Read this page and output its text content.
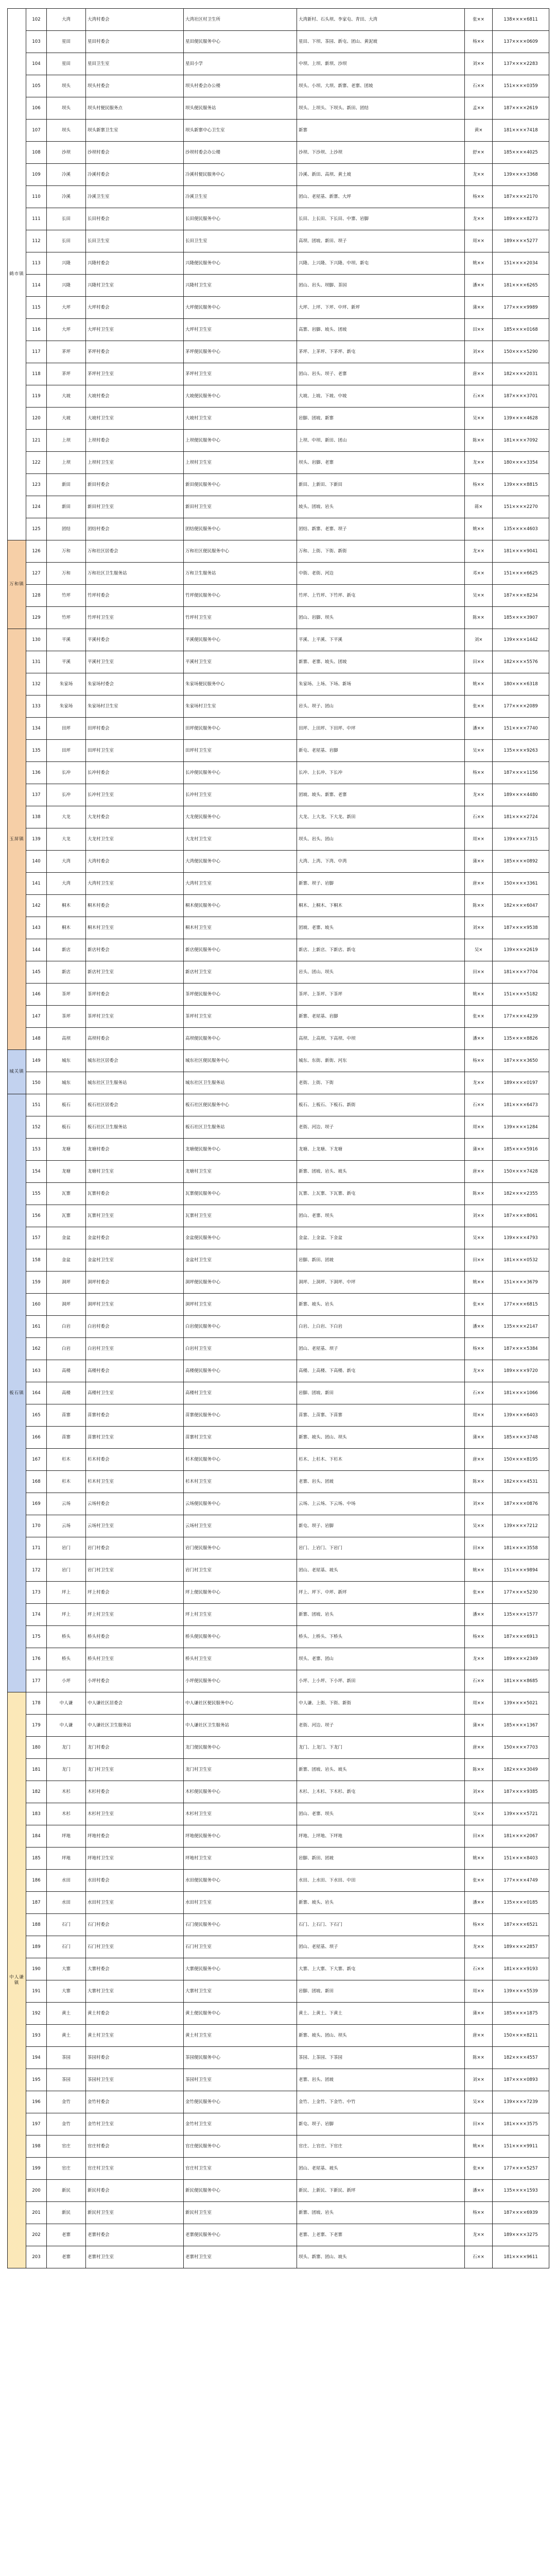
鹤市镇	102	大湾	大湾村委会	大湾社区村卫生所	大湾新村、石头坝、李家屯、青田、大湾	张××	138××××6811
	103	星田	星田村委会	星田便民服务中心	星田、下坝、茶园、新屯、团山、黄泥坡	杨××	137××××0609
	104	星田	星田卫生室	星田小学	中坝、上坝、新坝、沙坝	刘××	137××××2283
	105	坝头	坝头村委会	坝头村委会办公楼	坝头、小坝、大坝、新寨、老寨、团坡	石××	151××××0359
	106	坝头	坝头村便民服务点	坝头便民服务站	坝头、上坝头、下坝头、新田、团结	孟××	187××××2619
	107	坝头	坝头新寨卫生室	坝头新寨中心卫生室	新寨	黄×	181××××7418
	108	沙坝	沙坝村委会	沙坝村委会办公楼	沙坝、下沙坝、上沙坝	舒××	185××××4025
	109	冷溪	冷溪村委会	冷溪村便民服务中心	冷溪、新田、高坝、黄土坡	龙××	139××××3368
	110	冷溪	冷溪卫生室	冷溪卫生室	团山、老屋基、新寨、大坪	杨××	187××××2170
	111	长田	长田村委会	长田便民服务中心	长田、上长田、下长田、中寨、岩脚	龙××	189××××8273
	112	长田	长田卫生室	长田卫生室	高坝、团坡、新田、坝子	周××	189××××5277
	113	兴隆	兴隆村委会	兴隆便民服务中心	兴隆、上兴隆、下兴隆、中坝、新屯	姚××	151××××2034
	114	兴隆	兴隆村卫生室	兴隆村卫生室	团山、岩头、坝脚、茶园	潘××	181××××6265
	115	大坪	大坪村委会	大坪便民服务中心	大坪、上坪、下坪、中坪、新坪	蒲××	177××××9989
	116	大坪	大坪村卫生室	大坪村卫生室	高寨、岩脚、坡头、团坡	田××	185××××0168
	117	茅坪	茅坪村委会	茅坪便民服务中心	茅坪、上茅坪、下茅坪、新屯	刘××	150××××5290
	118	茅坪	茅坪村卫生室	茅坪村卫生室	团山、岩头、坝子、老寨	唐××	182××××2031
	119	大坡	大坡村委会	大坡便民服务中心	大坡、上坡、下坡、中坡	石××	187××××3701
	120	大坡	大坡村卫生室	大坡村卫生室	岩脚、团坡、新寨	吴××	139××××4628
	121	上坝	上坝村委会	上坝便民服务中心	上坝、中坝、新田、团山	陈××	181××××7092
	122	上坝	上坝村卫生室	上坝村卫生室	坝头、岩脚、老寨	龙××	180××××3354
	123	新田	新田村委会	新田便民服务中心	新田、上新田、下新田	杨××	139××××8815
	124	新田	新田村卫生室	新田村卫生室	坡头、团坡、岩头	蒋×	151××××2270
	125	团结	团结村委会	团结便民服务中心	团结、新寨、老寨、坝子	姚××	135××××4603
万和镇	126	万和	万和社区居委会	万和社区便民服务中心	万和、上街、下街、新街	龙××	181××××9041
	127	万和	万和社区卫生服务站	万和卫生服务站	中街、老街、河边	邓××	151××××6625
	128	竹坪	竹坪村委会	竹坪便民服务中心	竹坪、上竹坪、下竹坪、新屯	吴××	187××××8234
	129	竹坪	竹坪村卫生室	竹坪村卫生室	团山、岩脚、坝头	陈××	185××××3907
玉屏镇	130	平溪	平溪村委会	平溪便民服务中心	平溪、上平溪、下平溪	刘×	139××××1442
	131	平溪	平溪村卫生室	平溪村卫生室	新寨、老寨、坡头、团坡	田××	182××××5576
	132	朱家场	朱家场村委会	朱家场便民服务中心	朱家场、上场、下场、新场	姚××	180××××6318
	133	朱家场	朱家场村卫生室	朱家场村卫生室	岩头、坝子、团山	张××	177××××2089
	134	田坪	田坪村委会	田坪便民服务中心	田坪、上田坪、下田坪、中坪	潘××	151××××7740
	135	田坪	田坪村卫生室	田坪村卫生室	新屯、老屋基、岩脚	吴××	135××××9263
	136	长冲	长冲村委会	长冲便民服务中心	长冲、上长冲、下长冲	杨××	187××××1156
	137	长冲	长冲村卫生室	长冲村卫生室	团坡、坡头、新寨、老寨	龙××	189××××4480
	138	大龙	大龙村委会	大龙便民服务中心	大龙、上大龙、下大龙、新田	石××	181××××2724
	139	大龙	大龙村卫生室	大龙村卫生室	坝头、岩头、团山	周××	139××××7315
	140	大湾	大湾村委会	大湾便民服务中心	大湾、上湾、下湾、中湾	蒲××	185××××0892
	141	大湾	大湾村卫生室	大湾村卫生室	新寨、坝子、岩脚	唐××	150××××3361
	142	桐木	桐木村委会	桐木便民服务中心	桐木、上桐木、下桐木	陈××	182××××6047
	143	桐木	桐木村卫生室	桐木村卫生室	团坡、老寨、坡头	刘××	187××××9538
	144	新店	新店村委会	新店便民服务中心	新店、上新店、下新店、新屯	吴×	139××××2619
	145	新店	新店村卫生室	新店村卫生室	岩头、团山、坝头	田××	181××××7704
	146	茶坪	茶坪村委会	茶坪便民服务中心	茶坪、上茶坪、下茶坪	姚××	151××××5182
	147	茶坪	茶坪村卫生室	茶坪村卫生室	新寨、老屋基、岩脚	张××	177××××4239
	148	高坝	高坝村委会	高坝便民服务中心	高坝、上高坝、下高坝、中坝	潘××	135××××8826
城关镇	149	城东	城东社区居委会	城东社区便民服务中心	城东、东街、新街、河东	杨××	187××××3650
	150	城东	城东社区卫生服务站	城东社区卫生服务站	老街、上街、下街	龙××	189××××0197
板石镇	151	板石	板石社区居委会	板石社区便民服务中心	板石、上板石、下板石、新街	石××	181××××6473
	152	板石	板石社区卫生服务站	板石社区卫生服务站	老街、河边、坝子	周××	139××××1284
	153	龙塘	龙塘村委会	龙塘便民服务中心	龙塘、上龙塘、下龙塘	蒲××	185××××5916
	154	龙塘	龙塘村卫生室	龙塘村卫生室	新寨、团坡、岩头、坡头	唐××	150××××7428
	155	瓦寨	瓦寨村委会	瓦寨便民服务中心	瓦寨、上瓦寨、下瓦寨、新屯	陈××	182××××2355
	156	瓦寨	瓦寨村卫生室	瓦寨村卫生室	团山、老寨、坝头	刘××	187××××8061
	157	金盆	金盆村委会	金盆便民服务中心	金盆、上金盆、下金盆	吴××	139××××4793
	158	金盆	金盆村卫生室	金盆村卫生室	岩脚、新田、团坡	田××	181××××0532
	159	洞坪	洞坪村委会	洞坪便民服务中心	洞坪、上洞坪、下洞坪、中坪	姚××	151××××3679
	160	洞坪	洞坪村卫生室	洞坪村卫生室	新寨、坡头、岩头	张××	177××××6815
	161	白岩	白岩村委会	白岩便民服务中心	白岩、上白岩、下白岩	潘××	135××××2147
	162	白岩	白岩村卫生室	白岩村卫生室	团山、老屋基、坝子	杨××	187××××5384
	163	高楼	高楼村委会	高楼便民服务中心	高楼、上高楼、下高楼、新屯	龙××	189××××9720
	164	高楼	高楼村卫生室	高楼村卫生室	岩脚、团坡、新田	石××	181××××1066
	165	苗寨	苗寨村委会	苗寨便民服务中心	苗寨、上苗寨、下苗寨	周××	139××××6403
	166	苗寨	苗寨村卫生室	苗寨村卫生室	新寨、坡头、团山、坝头	蒲××	185××××3748
	167	杉木	杉木村委会	杉木便民服务中心	杉木、上杉木、下杉木	唐××	150××××8195
	168	杉木	杉木村卫生室	杉木村卫生室	老寨、岩头、团坡	陈××	182××××4531
	169	云场	云场村委会	云场便民服务中心	云场、上云场、下云场、中场	刘××	187××××0876
	170	云场	云场村卫生室	云场村卫生室	新屯、坝子、岩脚	吴××	139××××7212
	171	岩门	岩门村委会	岩门便民服务中心	岩门、上岩门、下岩门	田××	181××××3558
	172	岩门	岩门村卫生室	岩门村卫生室	团山、老屋基、坡头	姚××	151××××9894
	173	坪上	坪上村委会	坪上便民服务中心	坪上、坪下、中坪、新坪	张××	177××××5230
	174	坪上	坪上村卫生室	坪上村卫生室	新寨、团坡、岩头	潘××	135××××1577
	175	桥头	桥头村委会	桥头便民服务中心	桥头、上桥头、下桥头	杨××	187××××6913
	176	桥头	桥头村卫生室	桥头村卫生室	坝头、老寨、团山	龙××	189××××2349
	177	小坪	小坪村委会	小坪便民服务中心	小坪、上小坪、下小坪、新田	石××	181××××8685
中人谦镇	178	中人谦	中人谦社区居委会	中人谦社区便民服务中心	中人谦、上街、下街、新街	周××	139××××5021
	179	中人谦	中人谦社区卫生服务站	中人谦社区卫生服务站	老街、河边、坝子	蒲××	185××××1367
	180	龙门	龙门村委会	龙门便民服务中心	龙门、上龙门、下龙门	唐××	150××××7703
	181	龙门	龙门村卫生室	龙门村卫生室	新寨、团坡、岩头、坡头	陈××	182××××3049
	182	木杉	木杉村委会	木杉便民服务中心	木杉、上木杉、下木杉、新屯	刘××	187××××9385
	183	木杉	木杉村卫生室	木杉村卫生室	团山、老寨、坝头	吴××	139××××5721
	184	坪地	坪地村委会	坪地便民服务中心	坪地、上坪地、下坪地	田××	181××××2067
	185	坪地	坪地村卫生室	坪地村卫生室	岩脚、新田、团坡	姚××	151××××8403
	186	水田	水田村委会	水田便民服务中心	水田、上水田、下水田、中田	张××	177××××4749
	187	水田	水田村卫生室	水田村卫生室	新寨、坡头、岩头	潘××	135××××0185
	188	石门	石门村委会	石门便民服务中心	石门、上石门、下石门	杨××	187××××6521
	189	石门	石门村卫生室	石门村卫生室	团山、老屋基、坝子	龙××	189××××2857
	190	大寨	大寨村委会	大寨便民服务中心	大寨、上大寨、下大寨、新屯	石××	181××××9193
	191	大寨	大寨村卫生室	大寨村卫生室	岩脚、团坡、新田	周××	139××××5539
	192	黄土	黄土村委会	黄土便民服务中心	黄土、上黄土、下黄土	蒲××	185××××1875
	193	黄土	黄土村卫生室	黄土村卫生室	新寨、坡头、团山、坝头	唐××	150××××8211
	194	茶园	茶园村委会	茶园便民服务中心	茶园、上茶园、下茶园	陈××	182××××4557
	195	茶园	茶园村卫生室	茶园村卫生室	老寨、岩头、团坡	刘××	187××××0893
	196	金竹	金竹村委会	金竹便民服务中心	金竹、上金竹、下金竹、中竹	吴××	139××××7239
	197	金竹	金竹村卫生室	金竹村卫生室	新屯、坝子、岩脚	田××	181××××3575
	198	官庄	官庄村委会	官庄便民服务中心	官庄、上官庄、下官庄	姚××	151××××9911
	199	官庄	官庄村卫生室	官庄村卫生室	团山、老屋基、坡头	张××	177××××5257
	200	新民	新民村委会	新民便民服务中心	新民、上新民、下新民、新坪	潘××	135××××1593
	201	新民	新民村卫生室	新民村卫生室	新寨、团坡、岩头	杨××	187××××6939
	202	老寨	老寨村委会	老寨便民服务中心	老寨、上老寨、下老寨	龙××	189××××3275
	203	老寨	老寨村卫生室	老寨村卫生室	坝头、新寨、团山、坡头	石××	181××××9611
